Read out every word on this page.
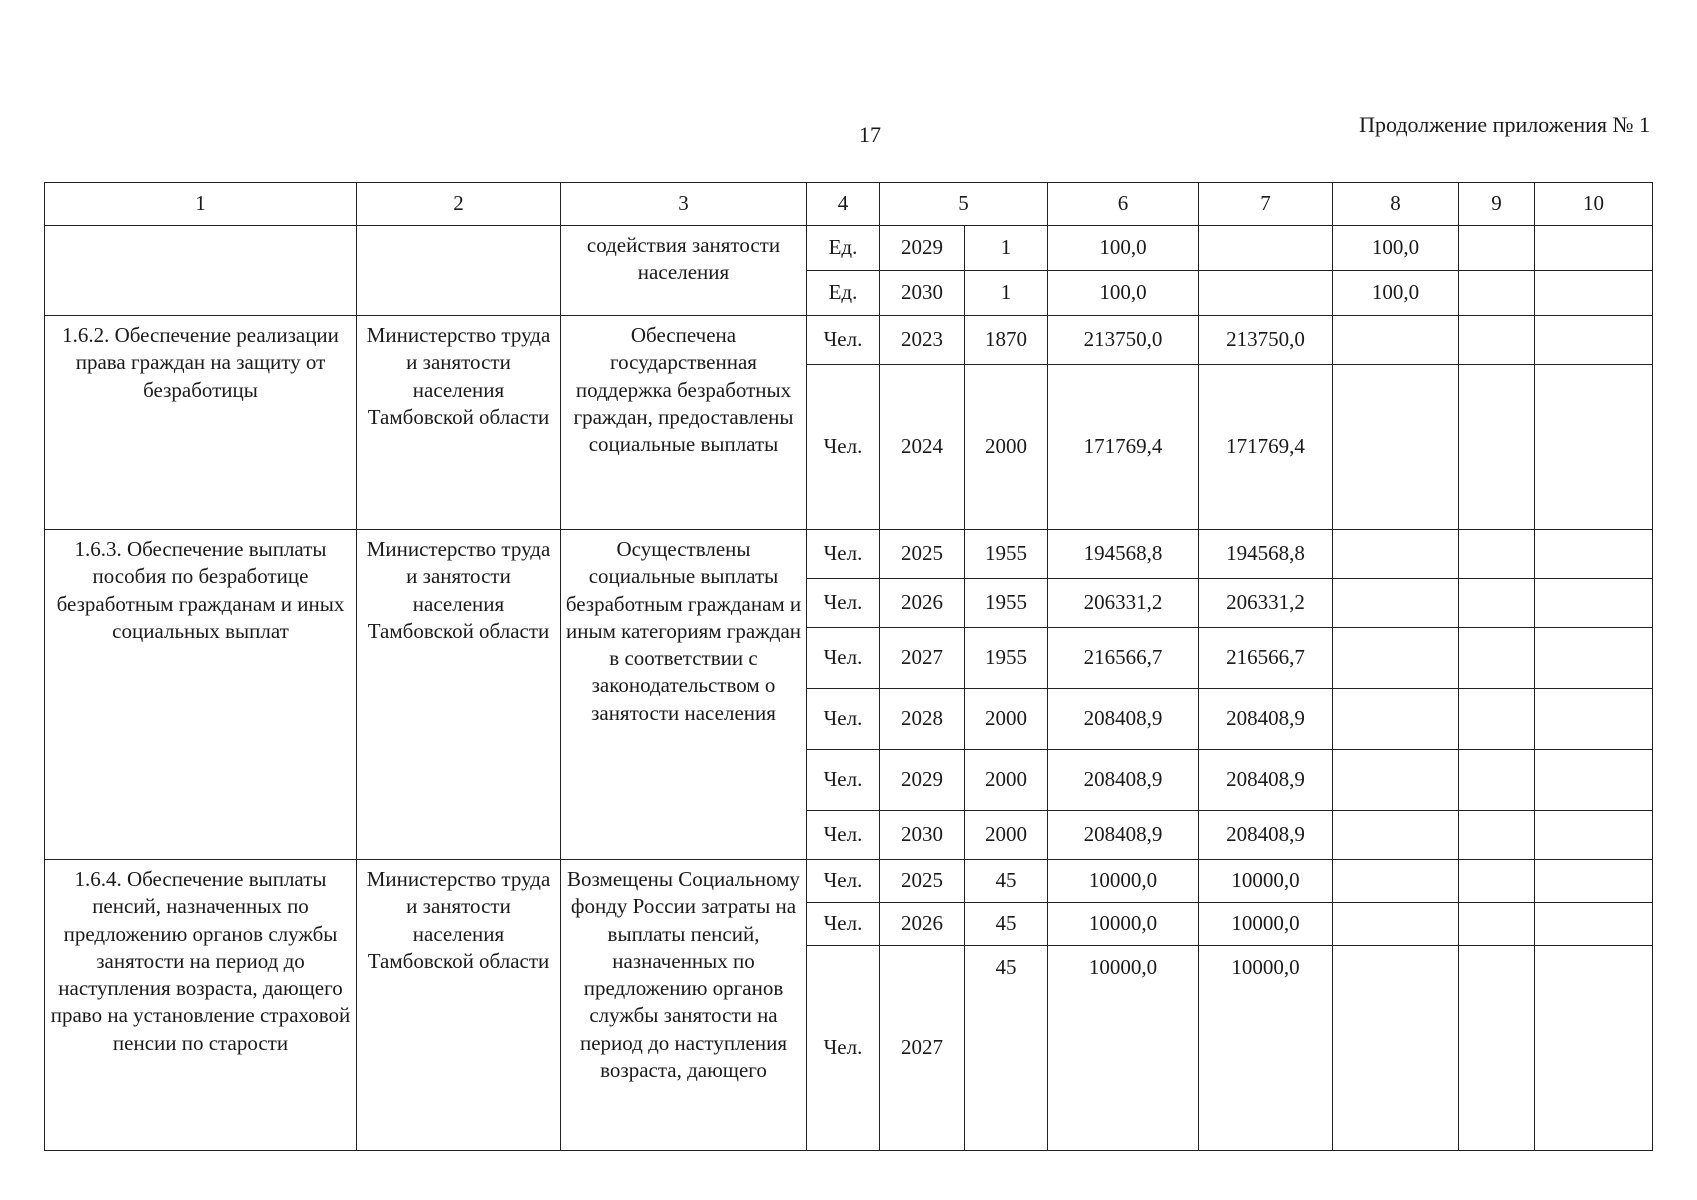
17	Продолжение приложения № 1
1	2	3	4	5		6	7	8	9	10
		содействия занятости населения	Ед.	2029	1	100,0		100,0		
			Ед.	2030	1	100,0		100,0		
1.6.2. Обеспечение реализации права граждан на защиту от безработицы	Министерство труда и занятости населения Тамбовской области	Обеспечена государственная поддержка безработных граждан, предоставлены социальные выплаты	Чел.	2023	1870	213750,0	213750,0			
			Чел.	2024	2000	171769,4	171769,4			
1.6.3. Обеспечение выплаты пособия по безработице безработным гражданам и иных социальных выплат	Министерство труда и занятости населения Тамбовской области	Осуществлены социальные выплаты безработным гражданам и иным категориям граждан в соответствии с законодательством о занятости населения	Чел.	2025	1955	194568,8	194568,8			
			Чел.	2026	1955	206331,2	206331,2			
			Чел.	2027	1955	216566,7	216566,7			
			Чел.	2028	2000	208408,9	208408,9			
			Чел.	2029	2000	208408,9	208408,9			
			Чел.	2030	2000	208408,9	208408,9			
1.6.4. Обеспечение выплаты пенсий, назначенных по предложению органов службы занятости на период до наступления возраста, дающего право на установление страховой пенсии по старости	Министерство труда и занятости населения Тамбовской области	Возмещены Социальному фонду России затраты на выплаты пенсий, назначенных по предложению органов службы занятости на период до наступления возраста, дающего	Чел.	2025	45	10000,0	10000,0			
			Чел.	2026	45	10000,0	10000,0			
			Чел.	2027	45	10000,0	10000,0			
